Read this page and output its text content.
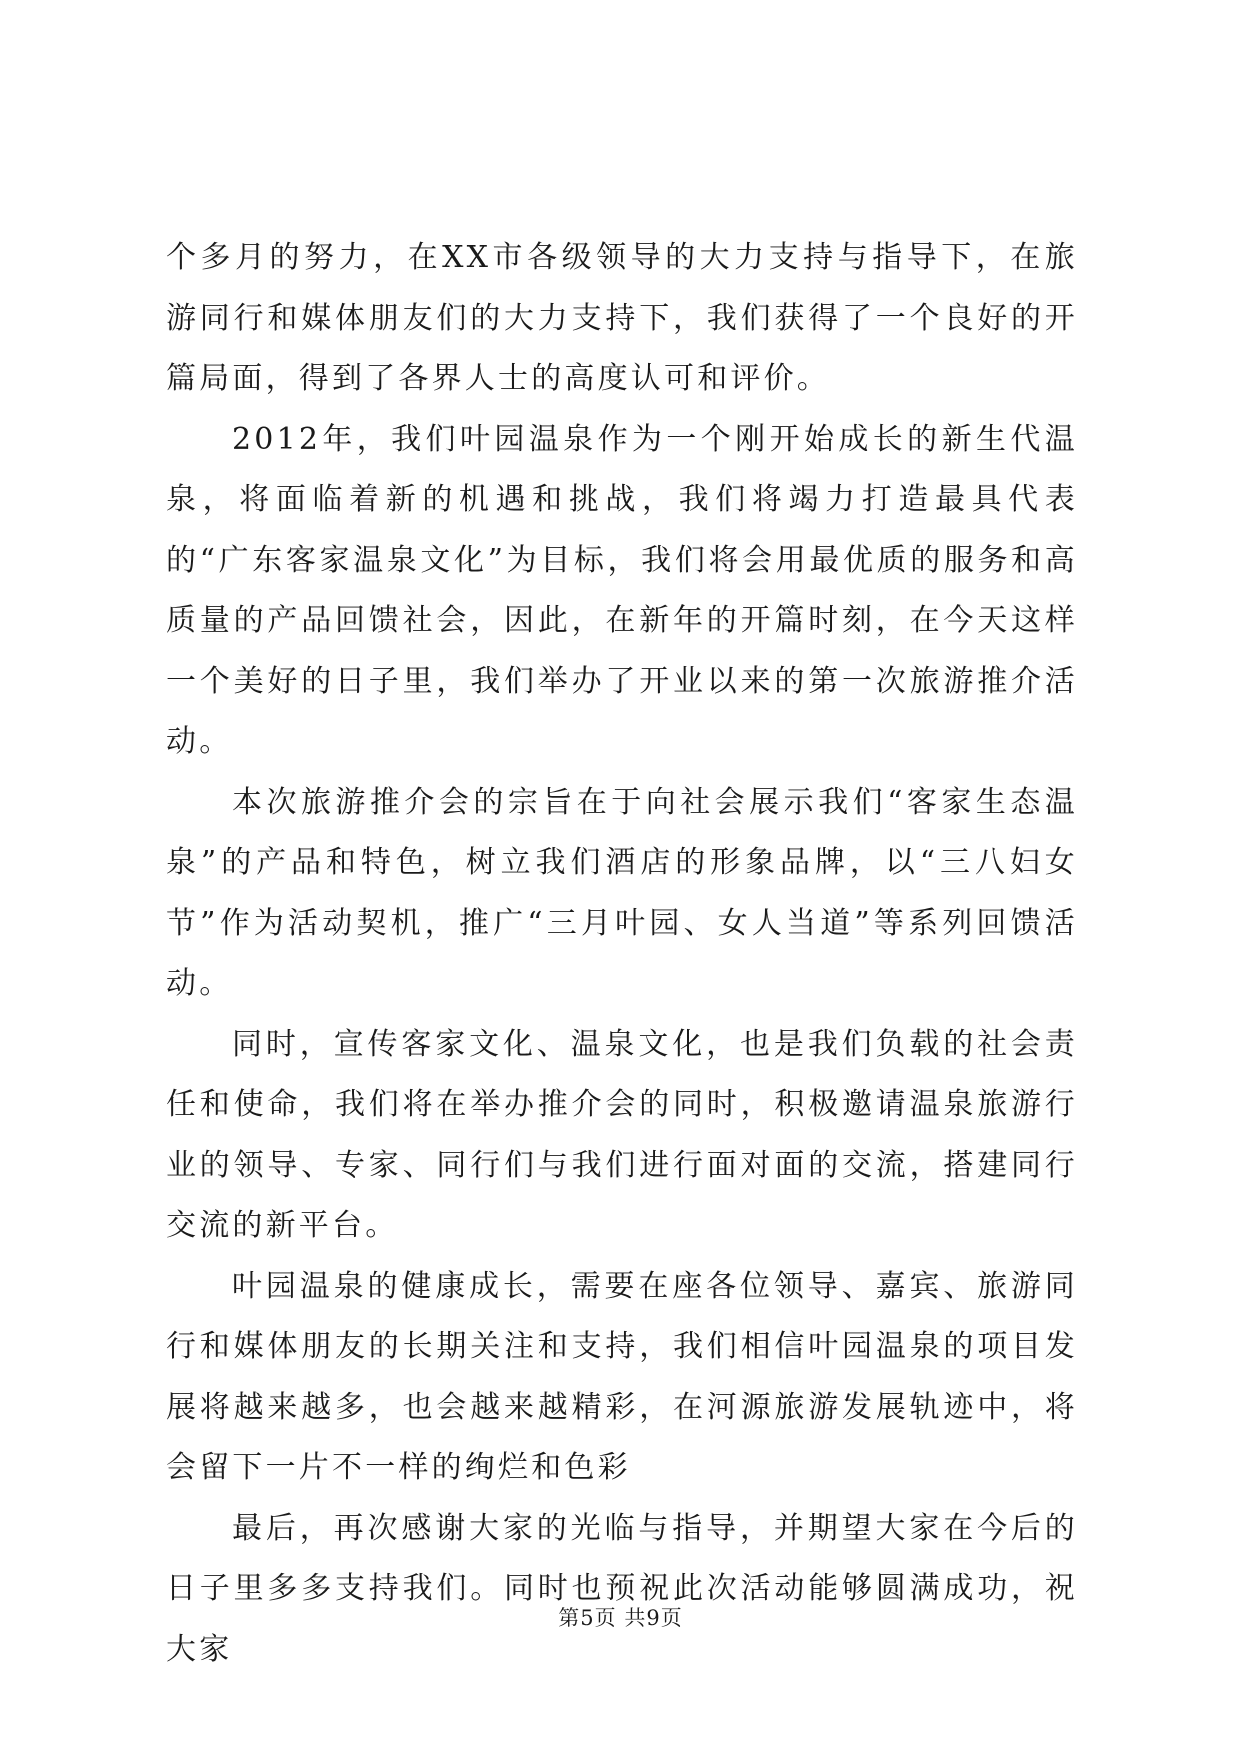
个多月的努力，在XX市各级领导的大力支持与指导下，在旅游同行和媒体朋友们的大力支持下，我们获得了一个良好的开篇局面，得到了各界人士的高度认可和评价。

2012年，我们叶园温泉作为一个刚开始成长的新生代温泉，将面临着新的机遇和挑战，我们将竭力打造最具代表的“广东客家温泉文化”为目标，我们将会用最优质的服务和高质量的产品回馈社会，因此，在新年的开篇时刻，在今天这样一个美好的日子里，我们举办了开业以来的第一次旅游推介活动。

本次旅游推介会的宗旨在于向社会展示我们“客家生态温泉”的产品和特色，树立我们酒店的形象品牌，以“三八妇女节”作为活动契机，推广“三月叶园、女人当道”等系列回馈活动。

同时，宣传客家文化、温泉文化，也是我们负载的社会责任和使命，我们将在举办推介会的同时，积极邀请温泉旅游行业的领导、专家、同行们与我们进行面对面的交流，搭建同行交流的新平台。

叶园温泉的健康成长，需要在座各位领导、嘉宾、旅游同行和媒体朋友的长期关注和支持，我们相信叶园温泉的项目发展将越来越多，也会越来越精彩，在河源旅游发展轨迹中，将会留下一片不一样的绚烂和色彩

最后，再次感谢大家的光临与指导，并期望大家在今后的日子里多多支持我们。同时也预祝此次活动能够圆满成功，祝大家

第5页 共9页
